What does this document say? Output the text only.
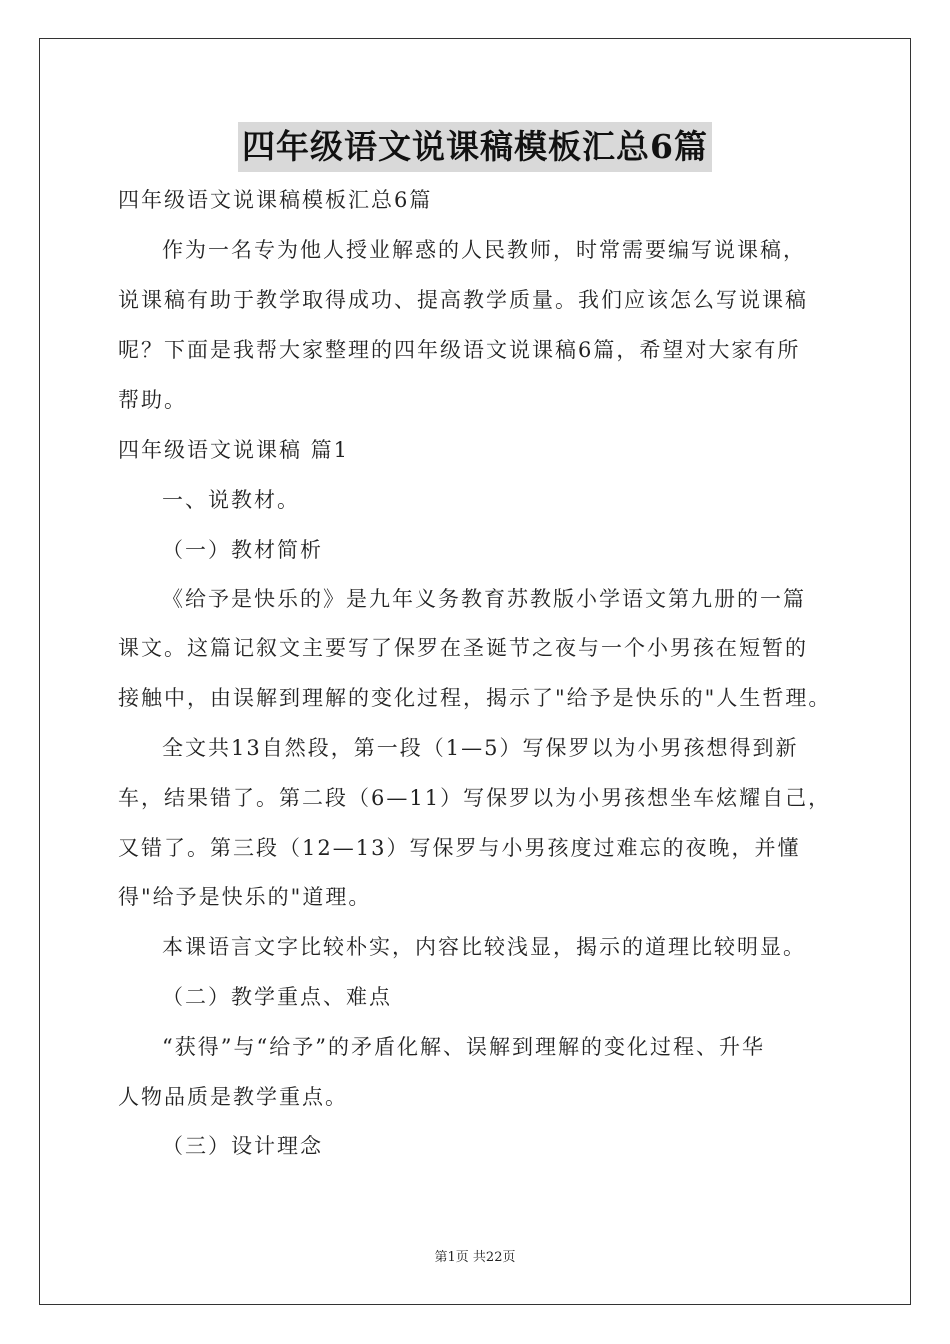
四年级语文说课稿模板汇总6篇
四年级语文说课稿模板汇总6篇
作为一名专为他人授业解惑的人民教师，时常需要编写说课稿，
说课稿有助于教学取得成功、提高教学质量。我们应该怎么写说课稿
呢？下面是我帮大家整理的四年级语文说课稿6篇，希望对大家有所
帮助。
四年级语文说课稿 篇1
一、说教材。
（一）教材简析
《给予是快乐的》是九年义务教育苏教版小学语文第九册的一篇
课文。这篇记叙文主要写了保罗在圣诞节之夜与一个小男孩在短暂的
接触中，由误解到理解的变化过程，揭示了"给予是快乐的"人生哲理。
全文共13自然段，第一段（1—5）写保罗以为小男孩想得到新
车，结果错了。第二段（6—11）写保罗以为小男孩想坐车炫耀自己，
又错了。第三段（12—13）写保罗与小男孩度过难忘的夜晚，并懂
得"给予是快乐的"道理。
本课语言文字比较朴实，内容比较浅显，揭示的道理比较明显。
（二）教学重点、难点
“获得”与“给予”的矛盾化解、误解到理解的变化过程、升华
人物品质是教学重点。
（三）设计理念
第1页 共22页
